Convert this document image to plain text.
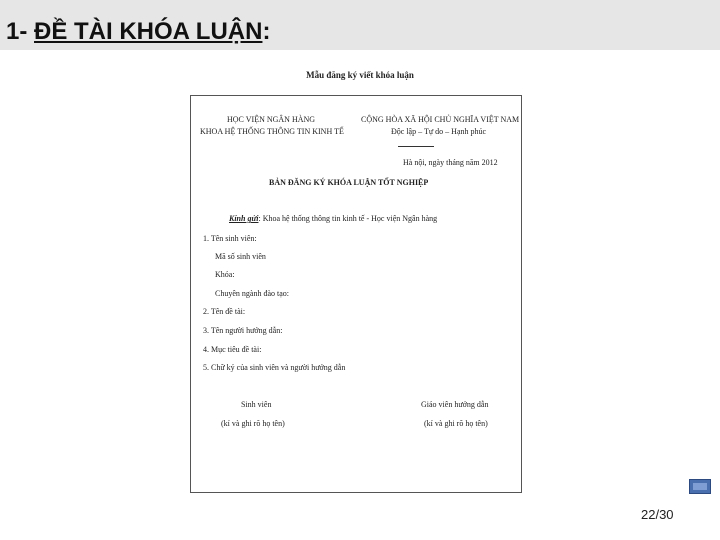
1- ĐỀ TÀI KHÓA LUẬN:
Mẫu đăng ký viết khóa luận
HỌC VIỆN NGÂN HÀNG
KHOA HỆ THỐNG THÔNG TIN KINH TẾ
CỘNG HÒA XÃ HỘI CHỦ NGHĨA VIỆT NAM
Độc lập – Tự do – Hạnh phúc
Hà nội, ngày tháng năm 2012
BẢN ĐĂNG KÝ KHÓA LUẬN TỐT NGHIỆP
Kính gửi: Khoa hệ thống thông tin kinh tế - Học viện Ngân hàng
1. Tên sinh viên:
Mã số sinh viên
Khóa:
Chuyên ngành đào tạo:
2. Tên đề tài:
3. Tên người hướng dẫn:
4. Mục tiêu đề tài:
5. Chữ ký của sinh viên và người hướng dẫn
Sinh viên
(kí và ghi rõ họ tên)
Giáo viên hướng dẫn
(kí và ghi rõ họ tên)
22/30
